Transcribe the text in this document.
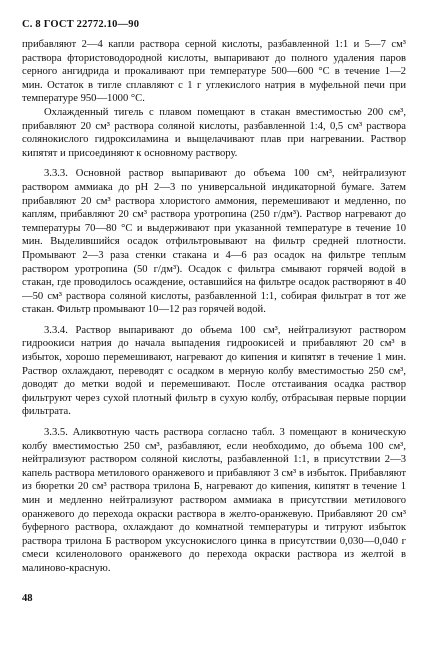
С. 8 ГОСТ 22772.10—90

прибавляют 2—4 капли раствора серной кислоты, разбавленной 1:1 и 5—7 см³ раствора фтористоводородной кислоты, выпаривают до полного удаления паров серного ангидрида и прокаливают при температуре 500—600 °С в течение 1—2 мин. Остаток в тигле сплавляют с 1 г углекислого натрия в муфельной печи при температуре 950—1000 °С.

Охлажденный тигель с плавом помещают в стакан вместимостью 200 см³, прибавляют 20 см³ раствора соляной кислоты, разбавленной 1:4, 0,5 см³ раствора солянокислого гидроксиламина и выщелачивают плав при нагревании. Раствор кипятят и присоединяют к основному раствору.

3.3.3. Основной раствор выпаривают до объема 100 см³, нейтрализуют раствором аммиака до pH 2—3 по универсальной индикаторной бумаге. Затем прибавляют 20 см³ раствора хлористого аммония, перемешивают и медленно, по каплям, прибавляют 20 см³ раствора уротропина (250 г/дм³). Раствор нагревают до температуры 70—80 °С и выдерживают при указанной температуре в течение 10 мин. Выделившийся осадок отфильтровывают на фильтр средней плотности. Промывают 2—3 раза стенки стакана и 4—6 раз осадок на фильтре теплым раствором уротропина (50 г/дм³). Осадок с фильтра смывают горячей водой в стакан, где проводилось осаждение, оставшийся на фильтре осадок растворяют в 40—50 см³ раствора соляной кислоты, разбавленной 1:1, собирая фильтрат в тот же стакан. Фильтр промывают 10—12 раз горячей водой.

3.3.4. Раствор выпаривают до объема 100 см³, нейтрализуют раствором гидроокиси натрия до начала выпадения гидроокисей и прибавляют 20 см³ в избыток, хорошо перемешивают, нагревают до кипения и кипятят в течение 1 мин. Раствор охлаждают, переводят с осадком в мерную колбу вместимостью 250 см³, доводят до метки водой и перемешивают. После отстаивания осадка раствор фильтруют через сухой плотный фильтр в сухую колбу, отбрасывая первые порции фильтрата.

3.3.5. Аликвотную часть раствора согласно табл. 3 помещают в коническую колбу вместимостью 250 см³, разбавляют, если необходимо, до объема 100 см³, нейтрализуют раствором соляной кислоты, разбавленной 1:1, в присутствии 2—3 капель раствора метилового оранжевого и прибавляют 3 см³ в избыток. Прибавляют из бюретки 20 см³ раствора трилона Б, нагревают до кипения, кипятят в течение 1 мин и медленно нейтрализуют раствором аммиака в присутствии метилового оранжевого до перехода окраски раствора в желто-оранжевую. Прибавляют 20 см³ буферного раствора, охлаждают до комнатной температуры и титруют избыток раствора трилона Б раствором уксуснокислого цинка в присутствии 0,030—0,040 г смеси ксиленолового оранжевого до перехода окраски раствора из желтой в малиново-красную.

48
